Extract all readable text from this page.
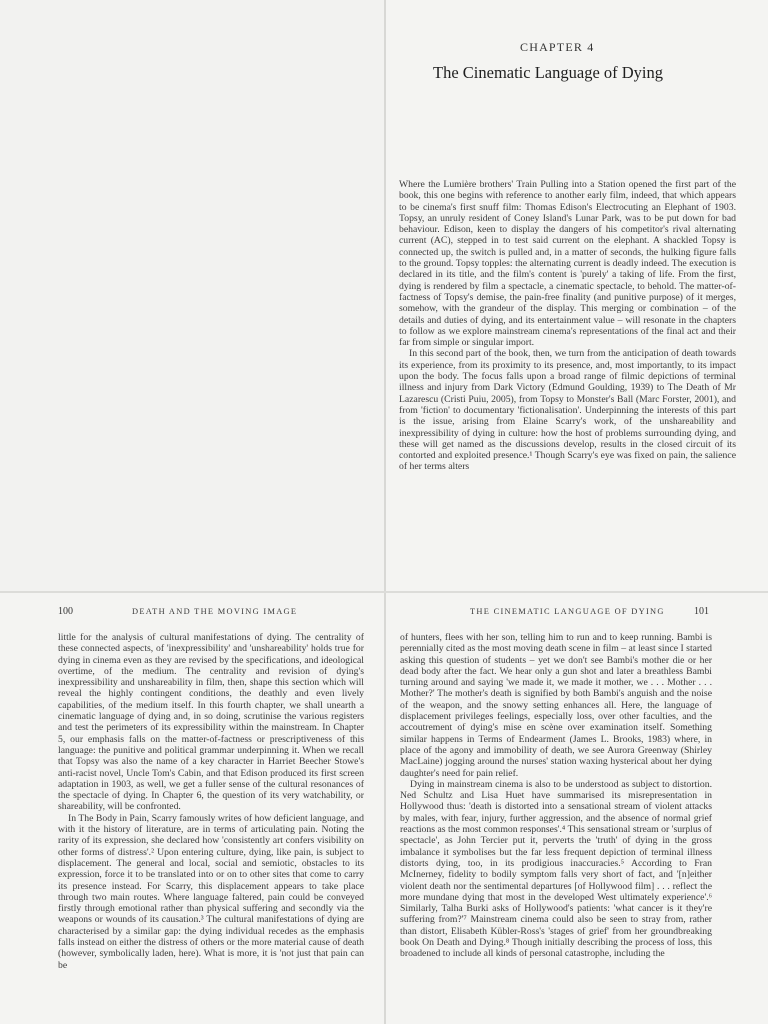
CHAPTER 4
The Cinematic Language of Dying

Where the Lumière brothers' Train Pulling into a Station opened the first part of the book, this one begins with reference to another early film, indeed, that which appears to be cinema's first snuff film: Thomas Edison's Electrocuting an Elephant of 1903. Topsy, an unruly resident of Coney Island's Lunar Park, was to be put down for bad behaviour. Edison, keen to display the dangers of his competitor's rival alternating current (AC), stepped in to test said current on the elephant. A shackled Topsy is connected up, the switch is pulled and, in a matter of seconds, the hulking figure falls to the ground. Topsy topples: the alternating current is deadly indeed. The execution is declared in its title, and the film's content is 'purely' a taking of life. From the first, dying is rendered by film a spectacle, a cinematic spectacle, to behold. The matter-of-factness of Topsy's demise, the pain-free finality (and punitive purpose) of it merges, somehow, with the grandeur of the display. This merging or combination – of the details and duties of dying, and its entertainment value – will resonate in the chapters to follow as we explore mainstream cinema's representations of the final act and their far from simple or singular import.

In this second part of the book, then, we turn from the anticipation of death towards its experience, from its proximity to its presence, and, most importantly, to its impact upon the body. The focus falls upon a broad range of filmic depictions of terminal illness and injury from Dark Victory (Edmund Goulding, 1939) to The Death of Mr Lazarescu (Cristi Puiu, 2005), from Topsy to Monster's Ball (Marc Forster, 2001), and from 'fiction' to documentary 'fictionalisation'. Underpinning the interests of this part is the issue, arising from Elaine Scarry's work, of the unshareability and inexpressibility of dying in culture: how the host of problems surrounding dying, and these will get named as the discussions develop, results in the closed circuit of its contorted and exploited presence.¹ Though Scarry's eye was fixed on pain, the salience of her terms alters

100	DEATH AND THE MOVING IMAGE

little for the analysis of cultural manifestations of dying. The centrality of these connected aspects, of 'inexpressibility' and 'unshareability' holds true for dying in cinema even as they are revised by the specifications, and ideological overtime, of the medium. The centrality and revision of dying's inexpressibility and unshareability in film, then, shape this section which will reveal the highly contingent conditions, the deathly and even lively capabilities, of the medium itself. In this fourth chapter, we shall unearth a cinematic language of dying and, in so doing, scrutinise the various registers and test the perimeters of its expressibility within the mainstream. In Chapter 5, our emphasis falls on the matter-of-factness or prescriptiveness of this language: the punitive and political grammar underpinning it. When we recall that Topsy was also the name of a key character in Harriet Beecher Stowe's anti-racist novel, Uncle Tom's Cabin, and that Edison produced its first screen adaptation in 1903, as well, we get a fuller sense of the cultural resonances of the spectacle of dying. In Chapter 6, the question of its very watchability, or shareability, will be confronted.

In The Body in Pain, Scarry famously writes of how deficient language, and with it the history of literature, are in terms of articulating pain. Noting the rarity of its expression, she declared how 'consistently art confers visibility on other forms of distress'.² Upon entering culture, dying, like pain, is subject to displacement. The general and local, social and semiotic, obstacles to its expression, force it to be translated into or on to other sites that come to carry its presence instead. For Scarry, this displacement appears to take place through two main routes. Where language faltered, pain could be conveyed firstly through emotional rather than physical suffering and secondly via the weapons or wounds of its causation.³ The cultural manifestations of dying are characterised by a similar gap: the dying individual recedes as the emphasis falls instead on either the distress of others or the more material cause of death (however, symbolically laden, here). What is more, it is 'not just that pain can be

THE CINEMATIC LANGUAGE OF DYING	101

of hunters, flees with her son, telling him to run and to keep running. Bambi is perennially cited as the most moving death scene in film – at least since I started asking this question of students – yet we don't see Bambi's mother die or her dead body after the fact. We hear only a gun shot and later a breathless Bambi turning around and saying 'we made it, we made it mother, we . . . Mother . . . Mother?' The mother's death is signified by both Bambi's anguish and the noise of the weapon, and the snowy setting enhances all. Here, the language of displacement privileges feelings, especially loss, over other faculties, and the accoutrement of dying's mise en scène over examination itself. Something similar happens in Terms of Endearment (James L. Brooks, 1983) where, in place of the agony and immobility of death, we see Aurora Greenway (Shirley MacLaine) jogging around the nurses' station waxing hysterical about her dying daughter's need for pain relief.

Dying in mainstream cinema is also to be understood as subject to distortion. Ned Schultz and Lisa Huet have summarised its misrepresentation in Hollywood thus: 'death is distorted into a sensational stream of violent attacks by males, with fear, injury, further aggression, and the absence of normal grief reactions as the most common responses'.⁴ This sensational stream or 'surplus of spectacle', as John Tercier put it, perverts the 'truth' of dying in the gross imbalance it symbolises but the far less frequent depiction of terminal illness distorts dying, too, in its prodigious inaccuracies.⁵ According to Fran McInerney, fidelity to bodily symptom falls very short of fact, and '[n]either violent death nor the sentimental departures [of Hollywood film] . . . reflect the more mundane dying that most in the developed West ultimately experience'.⁶ Similarly, Talha Burki asks of Hollywood's patients: 'what cancer is it they're suffering from?'⁷ Mainstream cinema could also be seen to stray from, rather than distort, Elisabeth Kübler-Ross's 'stages of grief' from her groundbreaking book On Death and Dying.⁸ Though initially describing the process of loss, this broadened to include all kinds of personal catastrophe, including the
